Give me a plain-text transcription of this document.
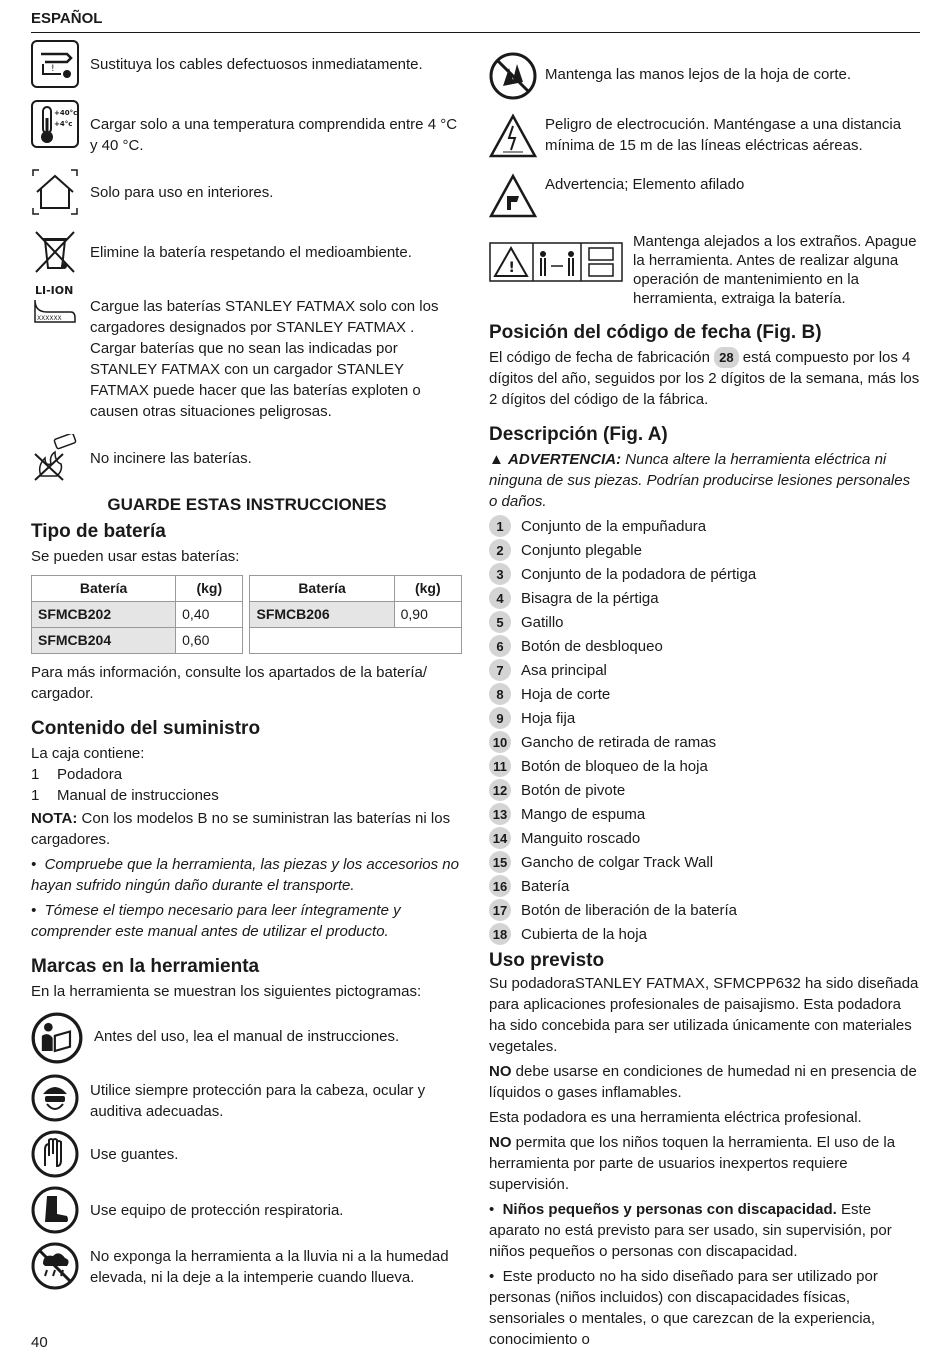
ESPAÑOL
! Sustituya los cables defectuosos inmediatamente.
+40°c
+4°c Cargar solo a una temperatura comprendida entre 4 °C y 40 °C.
Solo para uso en interiores.
Elimine la batería respetando el medioambiente.
LI-ION
XXXXXX
Cargue las baterías STANLEY FATMAX solo con los cargadores designados por STANLEY FATMAX . Cargar baterías que no sean las indicadas por STANLEY FATMAX con un cargador STANLEY FATMAX puede hacer que las baterías exploten o causen otras situaciones peligrosas.
No incinere las baterías.
GUARDE ESTAS INSTRUCCIONES
Tipo de batería

Se pueden usar estas baterías:

Batería	(kg)		Batería	(kg)
SFMCB202	0,40		SFMCB206	0,90
SFMCB204	0,60			

Para más información, consulte los apartados de la batería/ cargador.

Contenido del suministro

La caja contiene:

1	Podadora
1	Manual de instrucciones

NOTA: Con los modelos B no se suministran las baterías ni los cargadores.

•  Compruebe que la herramienta, las piezas y los accesorios no hayan sufrido ningún daño durante el transporte.

•  Tómese el tiempo necesario para leer íntegramente y comprender este manual antes de utilizar el producto.

Marcas en la herramienta

En la herramienta se muestran los siguientes pictogramas:

Antes del uso, lea el manual de instrucciones.
Utilice siempre protección para la cabeza, ocular y auditiva adecuadas.
Use guantes.
Use equipo de protección respiratoria.
No exponga la herramienta a la lluvia ni a la humedad elevada, ni la deje a la intemperie cuando llueva.
Mantenga las manos lejos de la hoja de corte.
Peligro de electrocución. Manténgase a una distancia mínima de 15 m de las líneas eléctricas aéreas.
Advertencia; Elemento afilado
!
Mantenga alejados a los extraños. Apague la herramienta. Antes de realizar alguna operación de mantenimiento en la herramienta, extraiga la batería.
Posición del código de fecha (Fig. B)

El código de fecha de fabricación 28 está compuesto por los 4 dígitos del año, seguidos por los 2 dígitos de la semana, más los 2 dígitos del código de la fábrica.

Descripción (Fig. A)

▲ ADVERTENCIA: Nunca altere la herramienta eléctrica ni ninguna de sus piezas. Podrían producirse lesiones personales o daños.

1	Conjunto de la empuñadura
2	Conjunto plegable
3	Conjunto de la podadora de pértiga
4	Bisagra de la pértiga
5	Gatillo
6	Botón de desbloqueo
7	Asa principal
8	Hoja de corte
9	Hoja fija
10 Gancho de retirada de ramas
11 Botón de bloqueo de la hoja
12 Botón de pivote
13 Mango de espuma
14 Manguito roscado
15 Gancho de colgar Track Wall
16 Batería
17 Botón de liberación de la batería
18 Cubierta de la hoja
Uso previsto

Su podadoraSTANLEY FATMAX, SFMCPP632 ha sido diseñada para aplicaciones profesionales de paisajismo. Esta podadora ha sido concebida para ser utilizada únicamente con materiales vegetales.

NO debe usarse en condiciones de humedad ni en presencia de líquidos o gases inflamables.

Esta podadora es una herramienta eléctrica profesional.

NO permita que los niños toquen la herramienta. El uso de la herramienta por parte de usuarios inexpertos requiere supervisión.

•  Niños pequeños y personas con discapacidad. Este aparato no está previsto para ser usado, sin supervisión, por niños pequeños o personas con discapacidad.

•  Este producto no ha sido diseñado para ser utilizado por personas (niños incluidos) con discapacidades físicas, sensoriales o mentales, o que carezcan de la experiencia, conocimiento o

40
